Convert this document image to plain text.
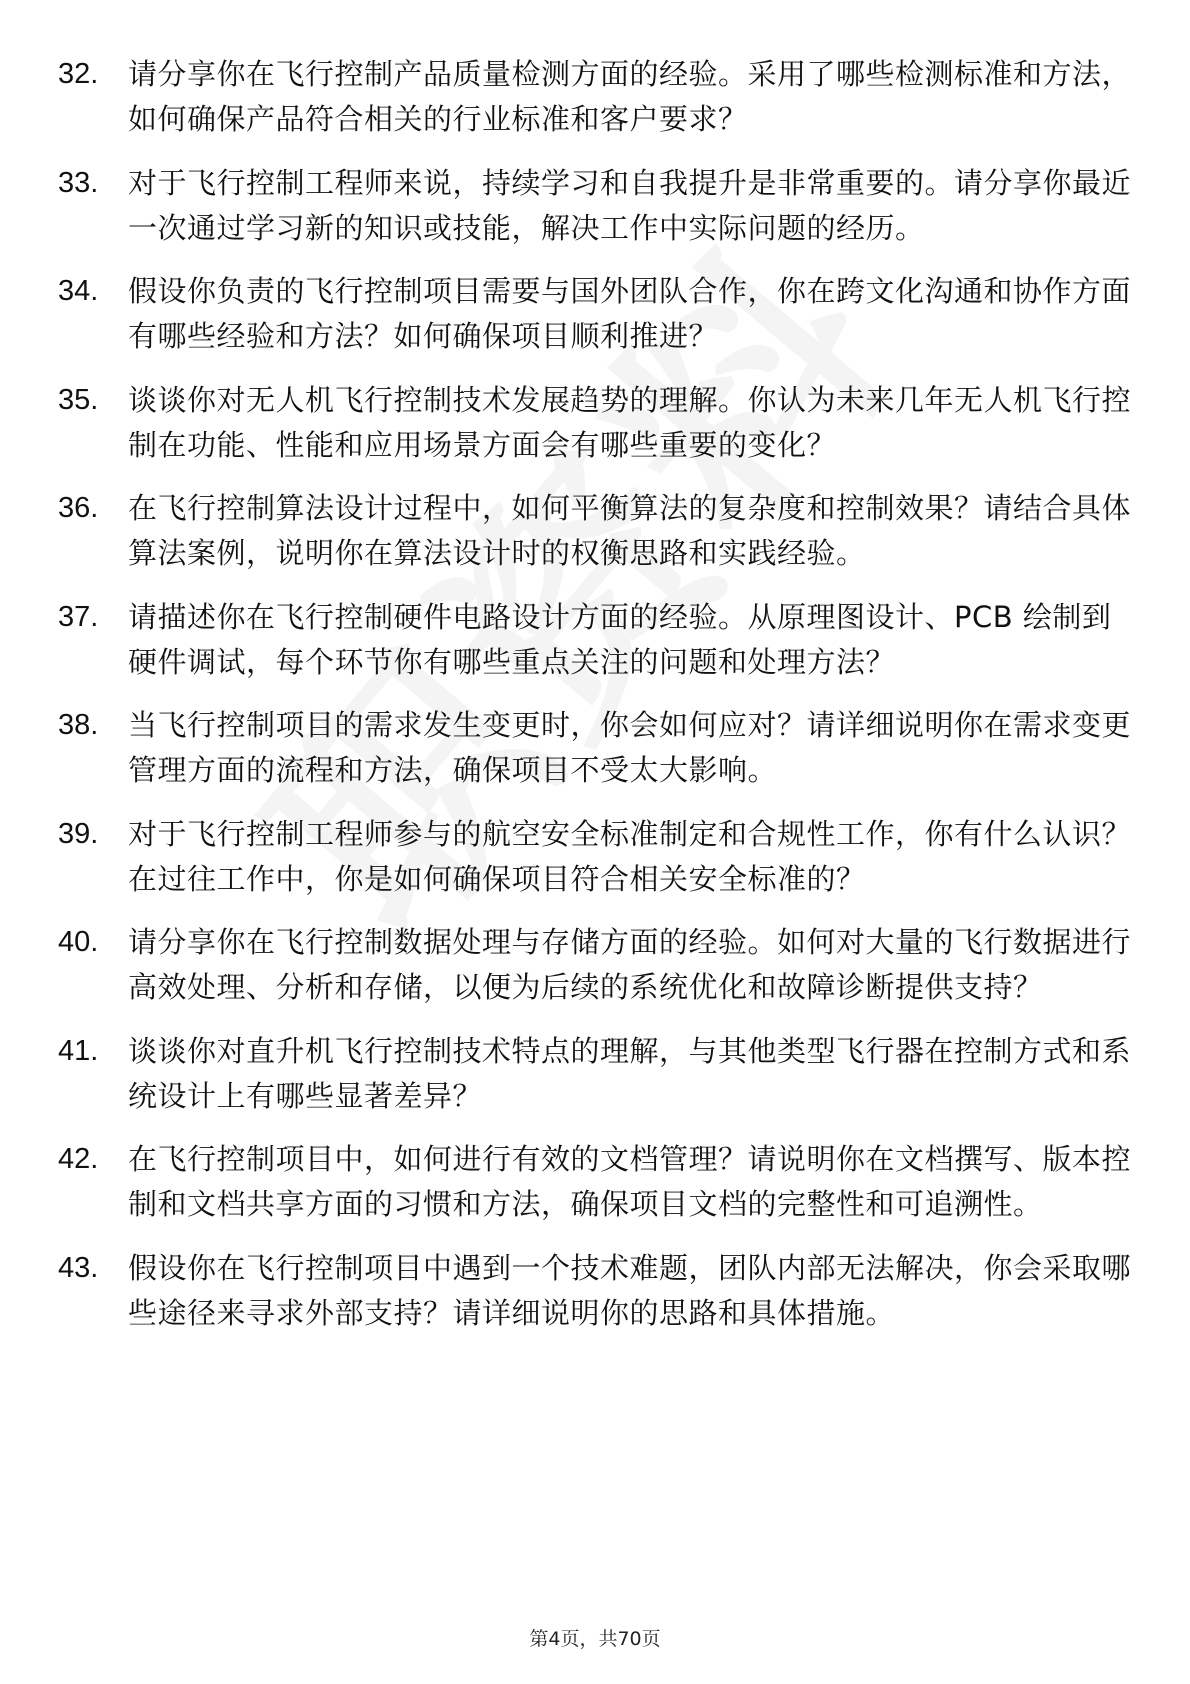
32.	请分享你在飞行控制产品质量检测方面的经验。采用了哪些检测标准和方法，如何确保产品符合相关的行业标准和客户要求？
33.	对于飞行控制工程师来说，持续学习和自我提升是非常重要的。请分享你最近一次通过学习新的知识或技能，解决工作中实际问题的经历。
34.	假设你负责的飞行控制项目需要与国外团队合作，你在跨文化沟通和协作方面有哪些经验和方法？如何确保项目顺利推进？
35.	谈谈你对无人机飞行控制技术发展趋势的理解。你认为未来几年无人机飞行控制在功能、性能和应用场景方面会有哪些重要的变化？
36.	在飞行控制算法设计过程中，如何平衡算法的复杂度和控制效果？请结合具体算法案例，说明你在算法设计时的权衡思路和实践经验。
37.	请描述你在飞行控制硬件电路设计方面的经验。从原理图设计、PCB 绘制到硬件调试，每个环节你有哪些重点关注的问题和处理方法？
38.	当飞行控制项目的需求发生变更时，你会如何应对？请详细说明你在需求变更管理方面的流程和方法，确保项目不受太大影响。
39.	对于飞行控制工程师参与的航空安全标准制定和合规性工作，你有什么认识？在过往工作中，你是如何确保项目符合相关安全标准的？
40.	请分享你在飞行控制数据处理与存储方面的经验。如何对大量的飞行数据进行高效处理、分析和存储，以便为后续的系统优化和故障诊断提供支持？
41.	谈谈你对直升机飞行控制技术特点的理解，与其他类型飞行器在控制方式和系统设计上有哪些显著差异？
42.	在飞行控制项目中，如何进行有效的文档管理？请说明你在文档撰写、版本控制和文档共享方面的习惯和方法，确保项目文档的完整性和可追溯性。
43.	假设你在飞行控制项目中遇到一个技术难题，团队内部无法解决，你会采取哪些途径来寻求外部支持？请详细说明你的思路和具体措施。
第4页，共70页
